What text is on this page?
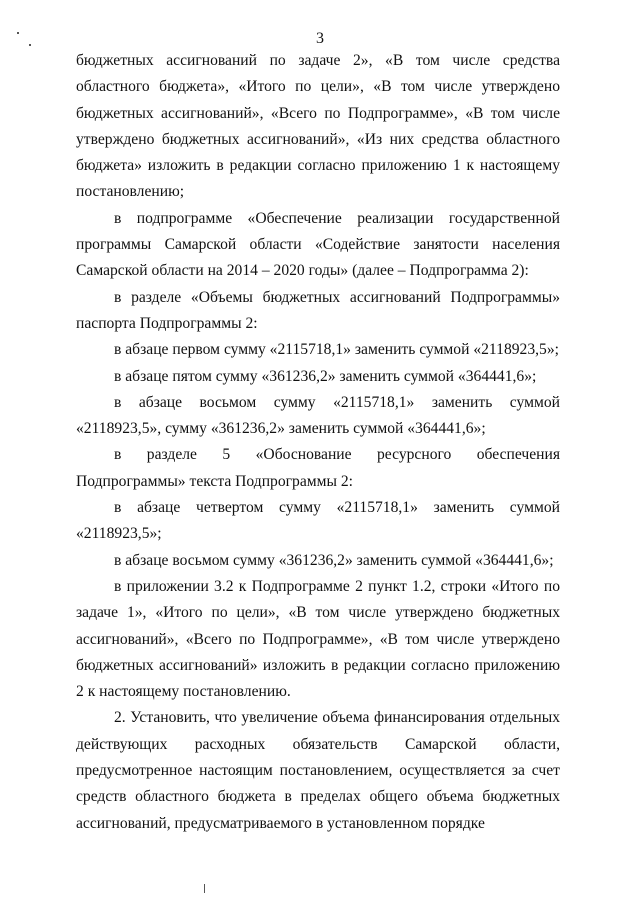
3

бюджетных ассигнований по задаче 2», «В том числе средства областного бюджета», «Итого по цели», «В том числе утверждено бюджетных ассигнований», «Всего по Подпрограмме», «В том числе утверждено бюджетных ассигнований», «Из них средства областного бюджета» изложить в редакции согласно приложению 1 к настоящему постановлению;

в подпрограмме «Обеспечение реализации государственной программы Самарской области «Содействие занятости населения Самарской области на 2014 – 2020 годы» (далее – Подпрограмма 2):

в разделе «Объемы бюджетных ассигнований Подпрограммы» паспорта Подпрограммы 2:

в абзаце первом сумму «2115718,1» заменить суммой «2118923,5»;

в абзаце пятом сумму «361236,2» заменить суммой «364441,6»;

в абзаце восьмом сумму «2115718,1» заменить суммой «2118923,5», сумму «361236,2» заменить суммой «364441,6»;

в разделе 5 «Обоснование ресурсного обеспечения Подпрограммы» текста Подпрограммы 2:

в абзаце четвертом сумму «2115718,1» заменить суммой «2118923,5»;

в абзаце восьмом сумму «361236,2» заменить суммой «364441,6»;

в приложении 3.2 к Подпрограмме 2 пункт 1.2, строки «Итого по задаче 1», «Итого по цели», «В том числе утверждено бюджетных ассигнований», «Всего по Подпрограмме», «В том числе утверждено бюджетных ассигнований» изложить в редакции согласно приложению 2 к настоящему постановлению.

2. Установить, что увеличение объема финансирования отдельных действующих расходных обязательств Самарской области, предусмотренное настоящим постановлением, осуществляется за счет средств областного бюджета в пределах общего объема бюджетных ассигнований, предусматриваемого в установленном порядке
